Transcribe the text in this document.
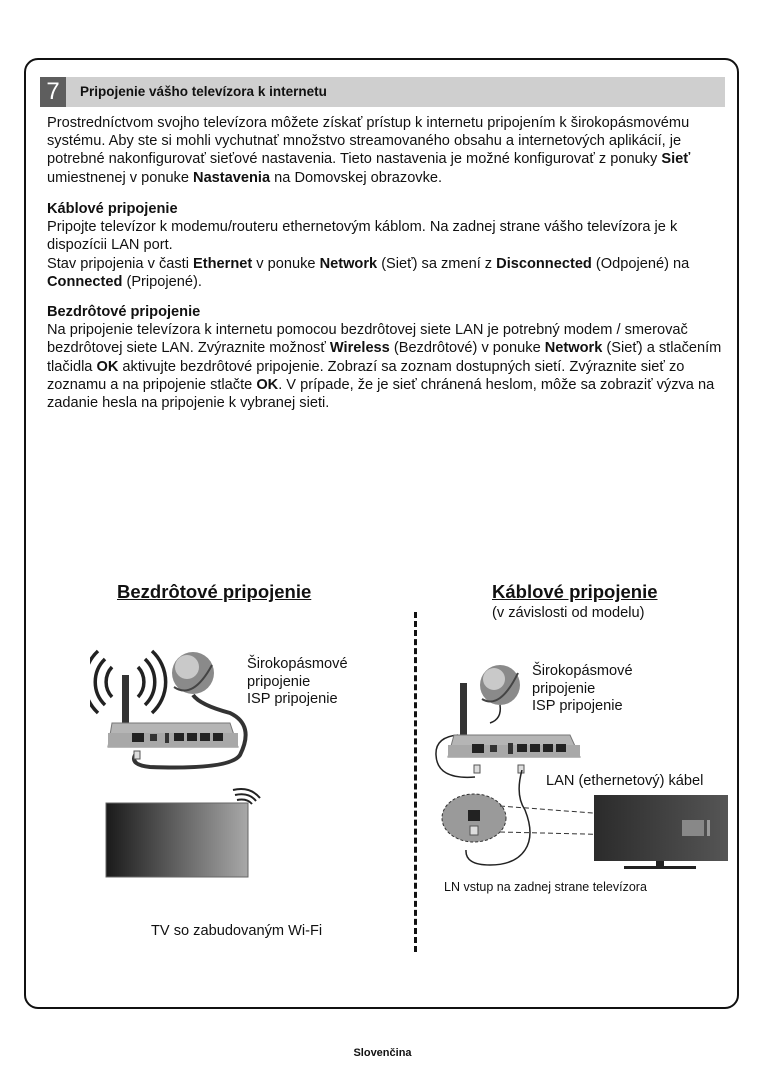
7	Pripojenie vášho televízora k internetu

Prostredníctvom svojho televízora môžete získať prístup k internetu pripojením k širokopásmovému systému. Aby ste si mohli vychutnať množstvo streamovaného obsahu a internetových aplikácií, je potrebné nakonfigurovať sieťové nastavenia. Tieto nastavenia je možné konfigurovať z ponuky Sieť umiestnenej v ponuke Nastavenia na Domovskej obrazovke.

Káblové pripojenie

Pripojte televízor k modemu/routeru ethernetovým káblom. Na zadnej strane vášho televízora je k dispozícii LAN port.

Stav pripojenia v časti Ethernet v ponuke Network (Sieť) sa zmení z Disconnected (Odpojené) na Connected (Pripojené).

Bezdrôtové pripojenie

Na pripojenie televízora k internetu pomocou bezdrôtovej siete LAN je potrebný modem / smerovač bezdrôtovej siete LAN. Zvýraznite možnosť Wireless (Bezdrôtové) v ponuke Network (Sieť) a stlačením tlačidla OK aktivujte bezdrôtové pripojenie. Zobrazí sa zoznam dostupných sietí. Zvýraznite sieť zo zoznamu a na pripojenie stlačte OK. V prípade, že je sieť chránená heslom, môže sa zobraziť výzva na zadanie hesla na pripojenie k vybranej sieti.

Bezdrôtové pripojenie
Širokopásmové
pripojenie
ISP pripojenie
TV so zabudovaným Wi-Fi
Káblové pripojenie
(v závislosti od modelu)
Širokopásmové
pripojenie
ISP pripojenie
LAN (ethernetový) kábel
LN vstup na zadnej strane televízora
Slovenčina
